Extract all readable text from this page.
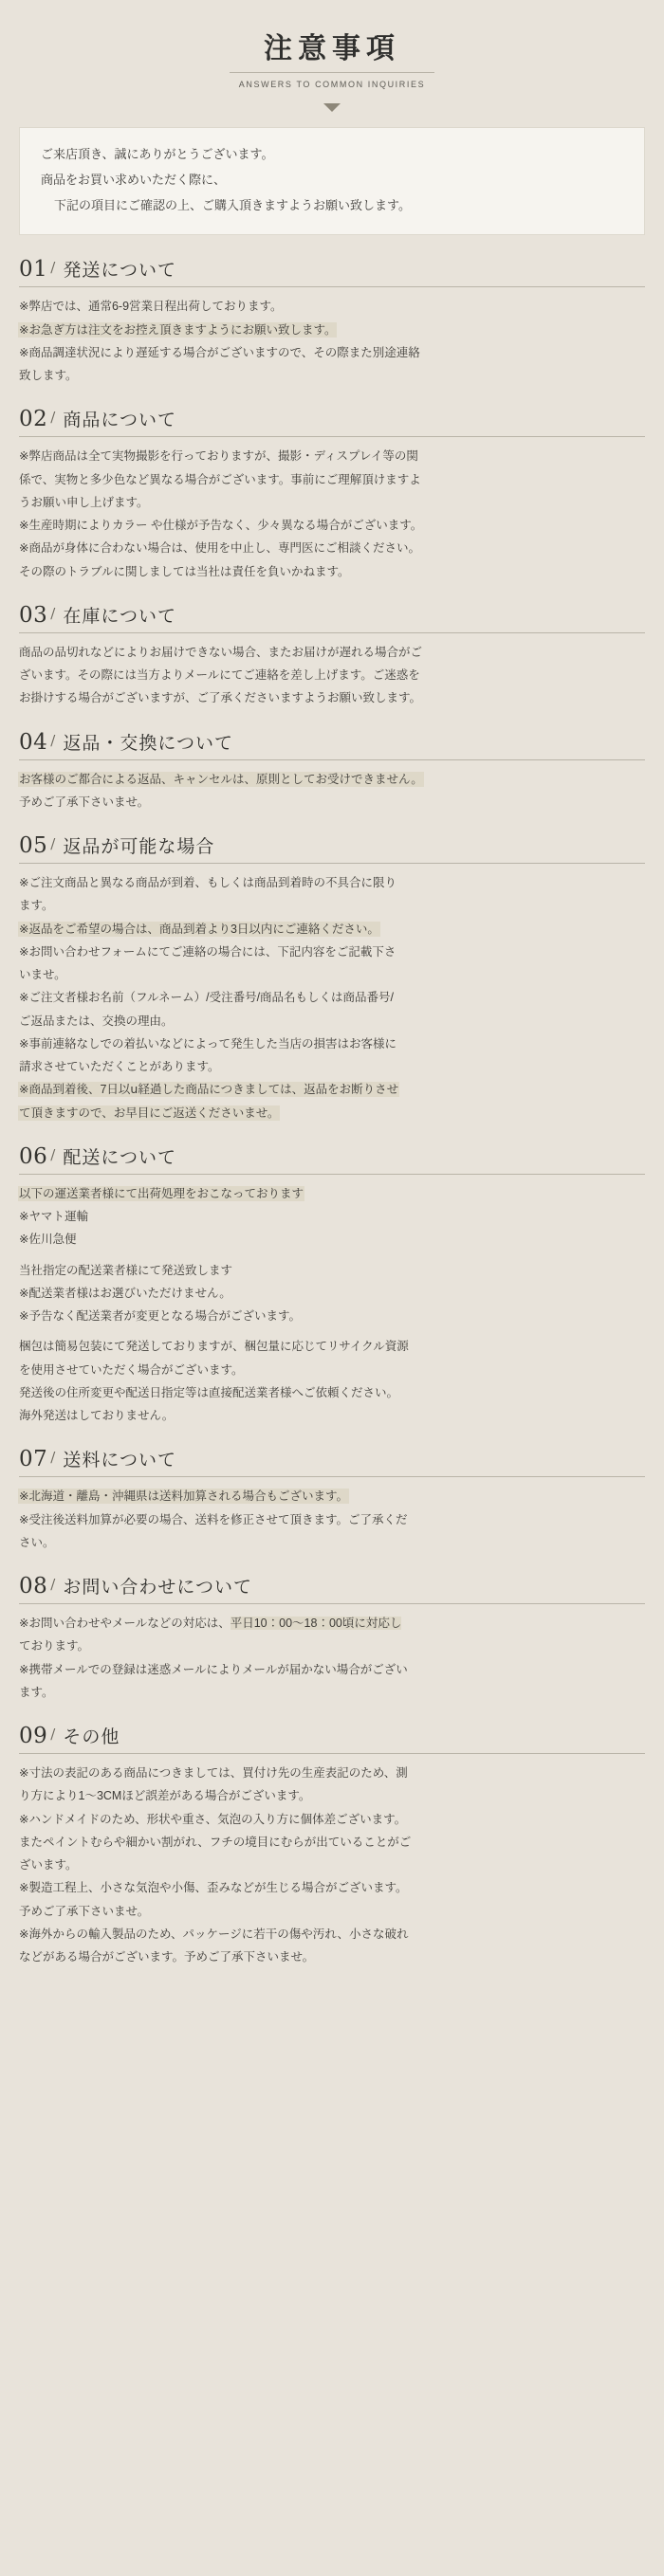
注意事項
ANSWERS TO COMMON INQUIRIES

ご来店頂き、誠にありがとうございます。

商品をお買い求めいただく際に、

下記の項目にご確認の上、ご購入頂きますようお願い致します。

01 / 発送について

※弊店では、通常6-9営業日程出荷しております。

※お急ぎ方は注文をお控え頂きますようにお願い致します。

※商品調達状況により遅延する場合がございますので、その際また別途連絡

致します。

02 / 商品について

※弊店商品は全て実物撮影を行っておりますが、撮影・ディスプレイ等の関

係で、実物と多少色など異なる場合がございます。事前にご理解頂けますよ

うお願い申し上げます。

※生産時期によりカラー や仕様が予告なく、少々異なる場合がございます。

※商品が身体に合わない場合は、使用を中止し、専門医にご相談ください。

その際のトラブルに関しましては当社は責任を負いかねます。

03 / 在庫について

商品の品切れなどによりお届けできない場合、またお届けが遅れる場合がご

ざいます。その際には当方よりメールにてご連絡を差し上げます。ご迷惑を

お掛けする場合がございますが、ご了承くださいますようお願い致します。

04 / 返品・交換について

お客様のご都合による返品、キャンセルは、原則としてお受けできません。

予めご了承下さいませ。

05 / 返品が可能な場合

※ご注文商品と異なる商品が到着、もしくは商品到着時の不具合に限り

ます。

※返品をご希望の場合は、商品到着より3日以内にご連絡ください。

※お問い合わせフォームにてご連絡の場合には、下記内容をご記載下さ

いませ。

※ご注文者様お名前（フルネーム）/受注番号/商品名もしくは商品番号/

ご返品または、交換の理由。

※事前連絡なしでの着払いなどによって発生した当店の損害はお客様に

請求させていただくことがあります。

※商品到着後、7日以ս経過した商品につきましては、返品をお断りさせ

て頂きますので、お早目にご返送くださいませ。

06 / 配送について

以下の運送業者様にて出荷処理をおこなっております

※ヤマト運輸

※佐川急便

当社指定の配送業者様にて発送致します

※配送業者様はお選びいただけません。

※予告なく配送業者が変更となる場合がございます。

梱包は簡易包装にて発送しておりますが、梱包量に応じてリサイクル資源

を使用させていただく場合がございます。

発送後の住所変更や配送日指定等は直接配送業者様へご依頼ください。

海外発送はしておりません。

07 / 送料について

※北海道・離島・沖縄県は送料加算される場合もございます。

※受注後送料加算が必要の場合、送料を修正させて頂きます。ご了承くだ

さい。

08 / お問い合わせについて

※お問い合わせやメールなどの対応は、平日10：00～18：00頃に対応し

ております。

※携帯メールでの登録は迷惑メールによりメールが届かない場合がござい

ます。

09 / その他

※寸法の表記のある商品につきましては、買付け先の生産表記のため、測

り方により1～3CMほど誤差がある場合がございます。

※ハンドメイドのため、形状や重さ、気泡の入り方に個体差ございます。

またペイントむらや細かい割がれ、フチの境目にむらが出ていることがご

ざいます。

※製造工程上、小さな気泡や小傷、歪みなどが生じる場合がございます。

予めご了承下さいませ。

※海外からの輸入製品のため、パッケージに若干の傷や汚れ、小さな破れ

などがある場合がございます。予めご了承下さいませ。
